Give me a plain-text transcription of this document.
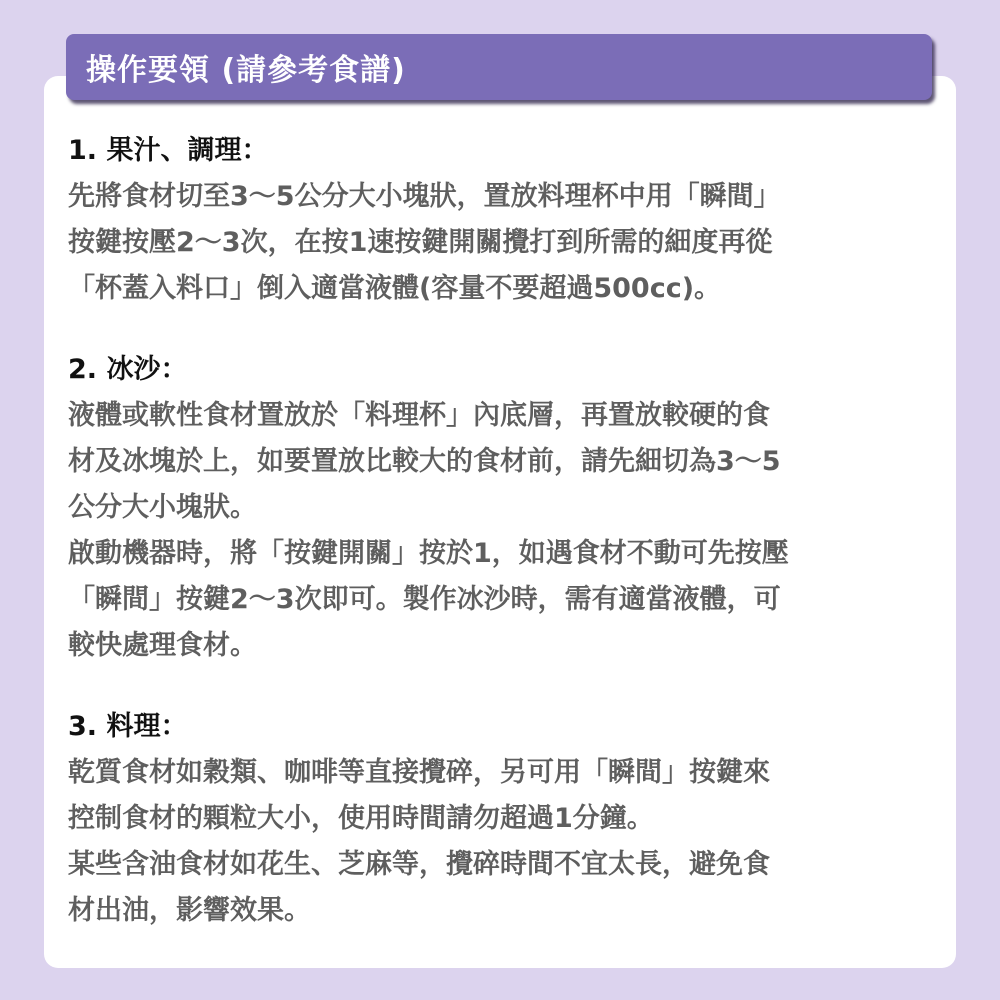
操作要領 (請參考食譜)

1. 果汁、調理：

先將食材切至3～5公分大小塊狀，置放料理杯中用「瞬間」

按鍵按壓2～3次，在按1速按鍵開關攪打到所需的細度再從

「杯蓋入料口」倒入適當液體(容量不要超過500cc)。

2. 冰沙：

液體或軟性食材置放於「料理杯」內底層，再置放較硬的食

材及冰塊於上，如要置放比較大的食材前，請先細切為3～5

公分大小塊狀。

啟動機器時，將「按鍵開關」按於1，如遇食材不動可先按壓

「瞬間」按鍵2～3次即可。製作冰沙時，需有適當液體，可

較快處理食材。

3. 料理：

乾質食材如穀類、咖啡等直接攪碎，另可用「瞬間」按鍵來

控制食材的顆粒大小，使用時間請勿超過1分鐘。

某些含油食材如花生、芝麻等，攪碎時間不宜太長，避免食

材出油，影響效果。
